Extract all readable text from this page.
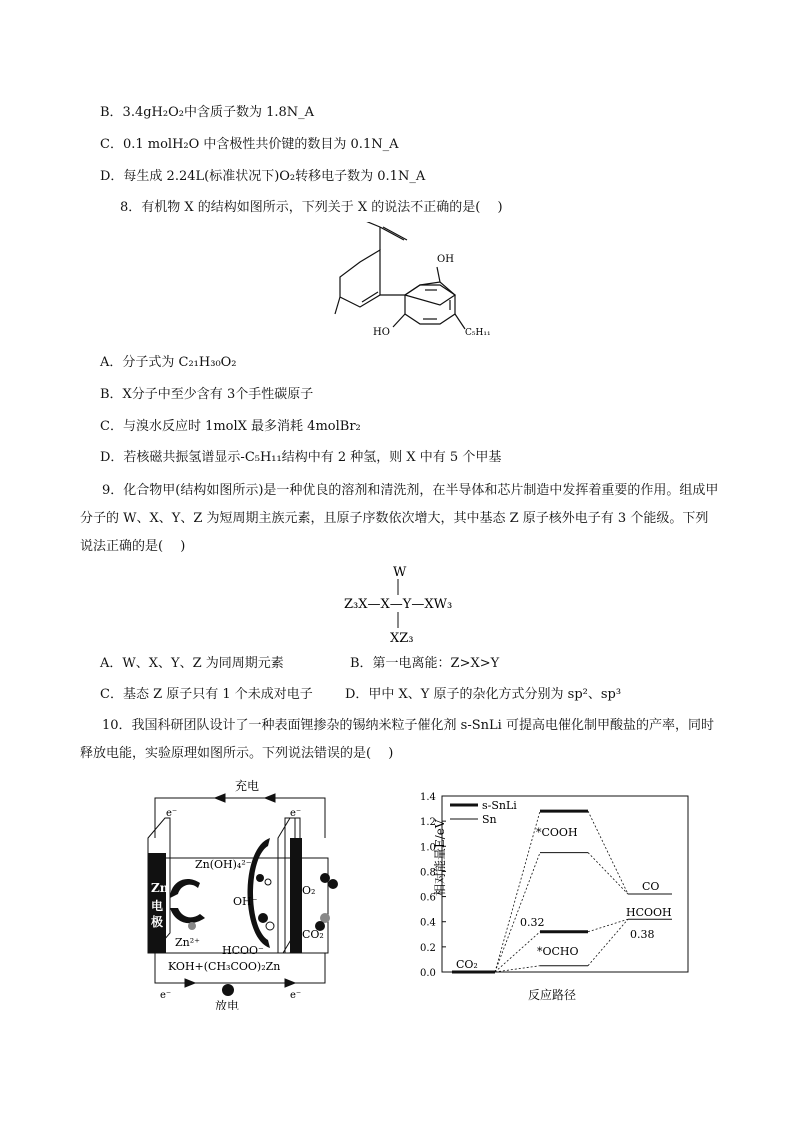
B．3.4gH₂O₂中含质子数为 1.8N_A
C．0.1 molH₂O 中含极性共价键的数目为 0.1N_A
D．每生成 2.24L(标准状况下)O₂转移电子数为 0.1N_A
8．有机物 X 的结构如图所示，下列关于 X 的说法不正确的是(　 )
OH
HO	C₅H₁₁
A．分子式为 C₂₁H₃₀O₂
B．X分子中至少含有 3个手性碳原子
C．与溴水反应时 1molX 最多消耗 4molBr₂
D．若核磁共振氢谱显示-C₅H₁₁结构中有 2 种氢，则 X 中有 5 个甲基
9．化合物甲(结构如图所示)是一种优良的溶剂和清洗剂，在半导体和芯片制造中发挥着重要的作用。组成甲分子的 W、X、Y、Z 为短周期主族元素，且原子序数依次增大，其中基态 Z 原子核外电子有 3 个能级。下列说法正确的是(　 )
W
Z₃X—X—Y—XW₃
XZ₃
A．W、X、Y、Z 为同周期元素	B．第一电离能：Z>X>Y
C．基态 Z 原子只有 1 个未成对电子 D．甲中 X、Y 原子的杂化方式分别为 sp²、sp³
10．我国科研团队设计了一种表面锂掺杂的锡纳米粒子催化剂 s-SnLi 可提高电催化制甲酸盐的产率，同时释放电能，实验原理如图所示。下列说法错误的是(　 )
Zn
电
极
充电
e⁻	e⁻
Zn(OH)₄²⁻
OH⁻
Zn²⁺
HCOO⁻
O₂
CO₂
KOH+(CH₃COO)₂Zn
e⁻	e⁻
放电
0.0
0.2
0.4
0.6
0.8
1.0
1.2
1.4
相对能量E/eV
反应路径
s-SnLi
Sn
CO₂
*COOH
*OCHO
CO
HCOOH
0.32
0.38
